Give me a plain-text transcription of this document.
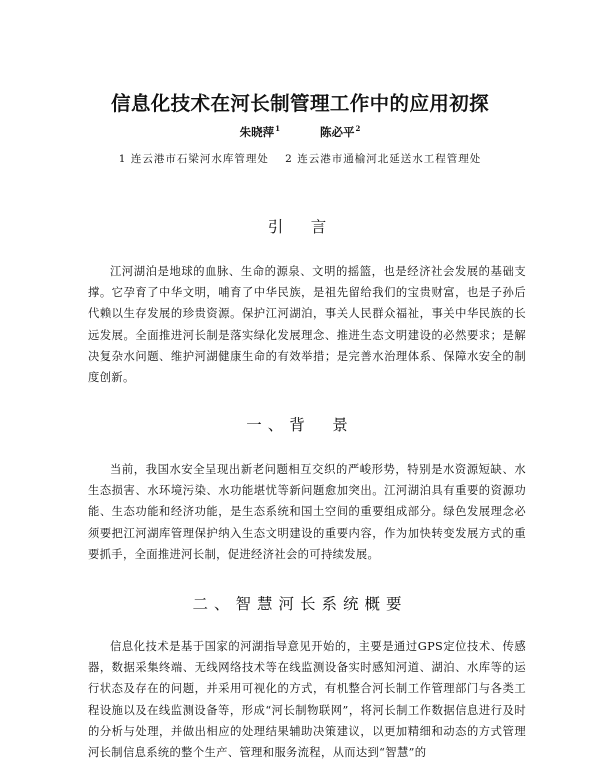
信息化技术在河长制管理工作中的应用初探
朱晓萍$^1$	陈必平$^2$
1 连云港市石梁河水库管理处 2 连云港市通榆河北延送水工程管理处
引　言
江河湖泊是地球的血脉、生命的源泉、文明的摇篮，也是经济社会发展的基础支撑。它孕育了中华文明，哺育了中华民族，是祖先留给我们的宝贵财富，也是子孙后代赖以生存发展的珍贵资源。保护江河湖泊，事关人民群众福祉，事关中华民族的长远发展。全面推进河长制是落实绿化发展理念、推进生态文明建设的必然要求；是解决复杂水问题、维护河湖健康生命的有效举措；是完善水治理体系、保障水安全的制度创新。
一、背　景
当前，我国水安全呈现出新老问题相互交织的严峻形势，特别是水资源短缺、水生态损害、水环境污染、水功能堪忧等新问题愈加突出。江河湖泊具有重要的资源功能、生态功能和经济功能，是生态系统和国土空间的重要组成部分。绿色发展理念必须要把江河湖库管理保护纳入生态文明建设的重要内容，作为加快转变发展方式的重要抓手，全面推进河长制，促进经济社会的可持续发展。
二、智慧河长系统概要
信息化技术是基于国家的河湖指导意见开始的，主要是通过GPS定位技术、传感器，数据采集终端、无线网络技术等在线监测设备实时感知河道、湖泊、水库等的运行状态及存在的问题，并采用可视化的方式，有机整合河长制工作管理部门与各类工程设施以及在线监测设备等，形成“河长制物联网”，将河长制工作数据信息进行及时的分析与处理，并做出相应的处理结果辅助决策建议，以更加精细和动态的方式管理河长制信息系统的整个生产、管理和服务流程，从而达到“智慧”的
